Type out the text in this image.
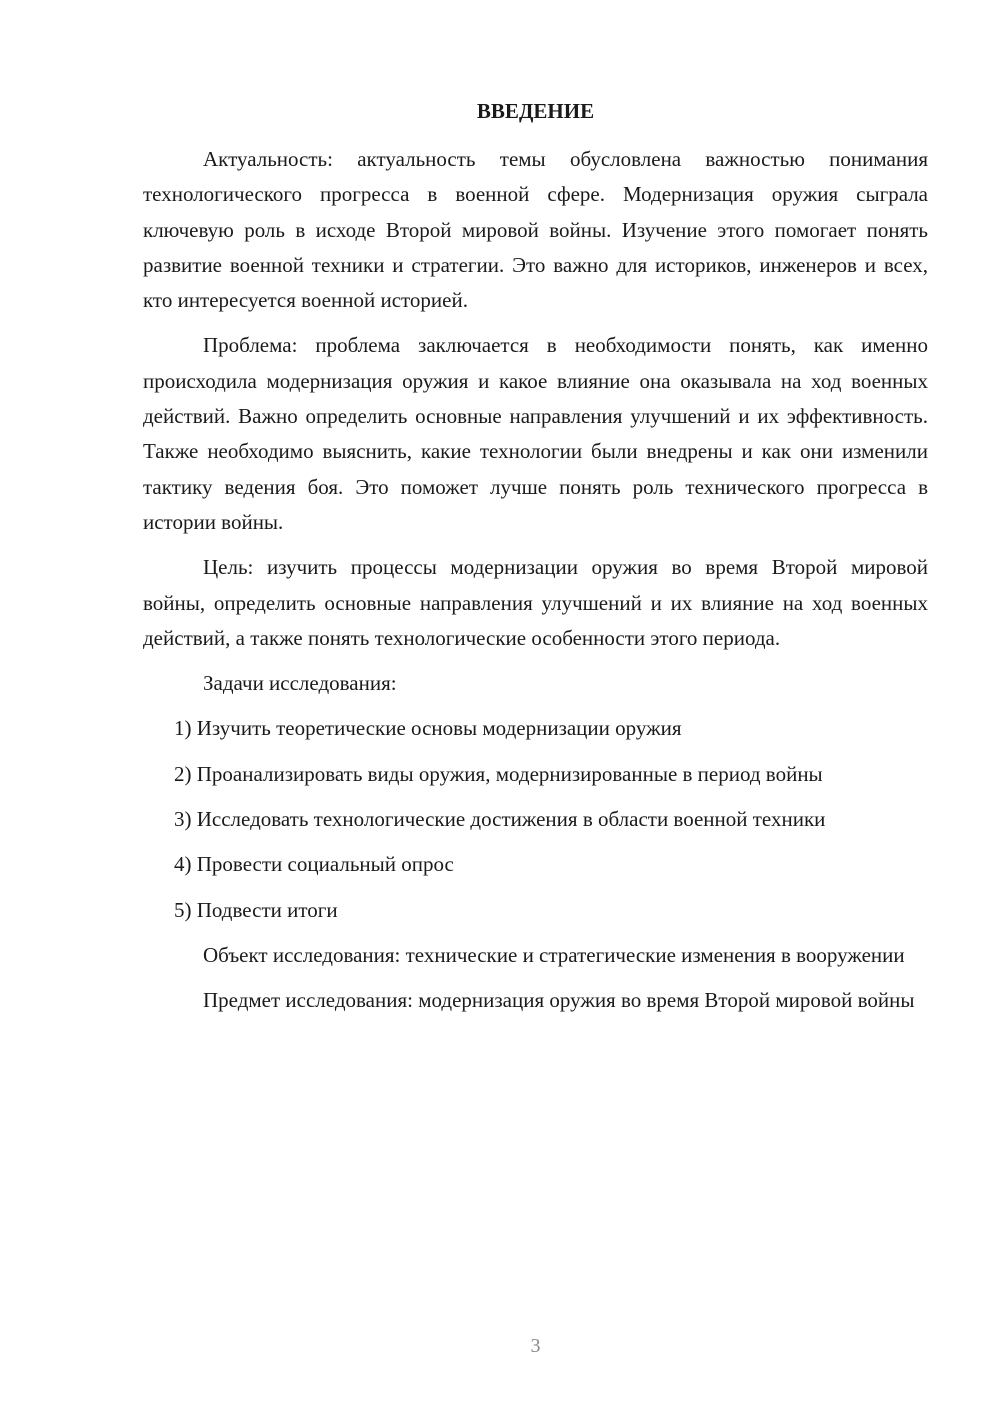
ВВЕДЕНИЕ

Актуальность: актуальность темы обусловлена важностью понимания технологического прогресса в военной сфере. Модернизация оружия сыграла ключевую роль в исходе Второй мировой войны. Изучение этого помогает понять развитие военной техники и стратегии. Это важно для историков, инженеров и всех, кто интересуется военной историей.

Проблема: проблема заключается в необходимости понять, как именно происходила модернизация оружия и какое влияние она оказывала на ход военных действий. Важно определить основные направления улучшений и их эффективность. Также необходимо выяснить, какие технологии были внедрены и как они изменили тактику ведения боя. Это поможет лучше понять роль технического прогресса в истории войны.

Цель: изучить процессы модернизации оружия во время Второй мировой войны, определить основные направления улучшений и их влияние на ход военных действий, а также понять технологические особенности этого периода.

Задачи исследования:

1) Изучить теоретические основы модернизации оружия

2) Проанализировать виды оружия, модернизированные в период войны

3) Исследовать технологические достижения в области военной техники

4) Провести социальный опрос

5) Подвести итоги

Объект исследования: технические и стратегические изменения в вооружении

Предмет исследования: модернизация оружия во время Второй мировой войны

3
